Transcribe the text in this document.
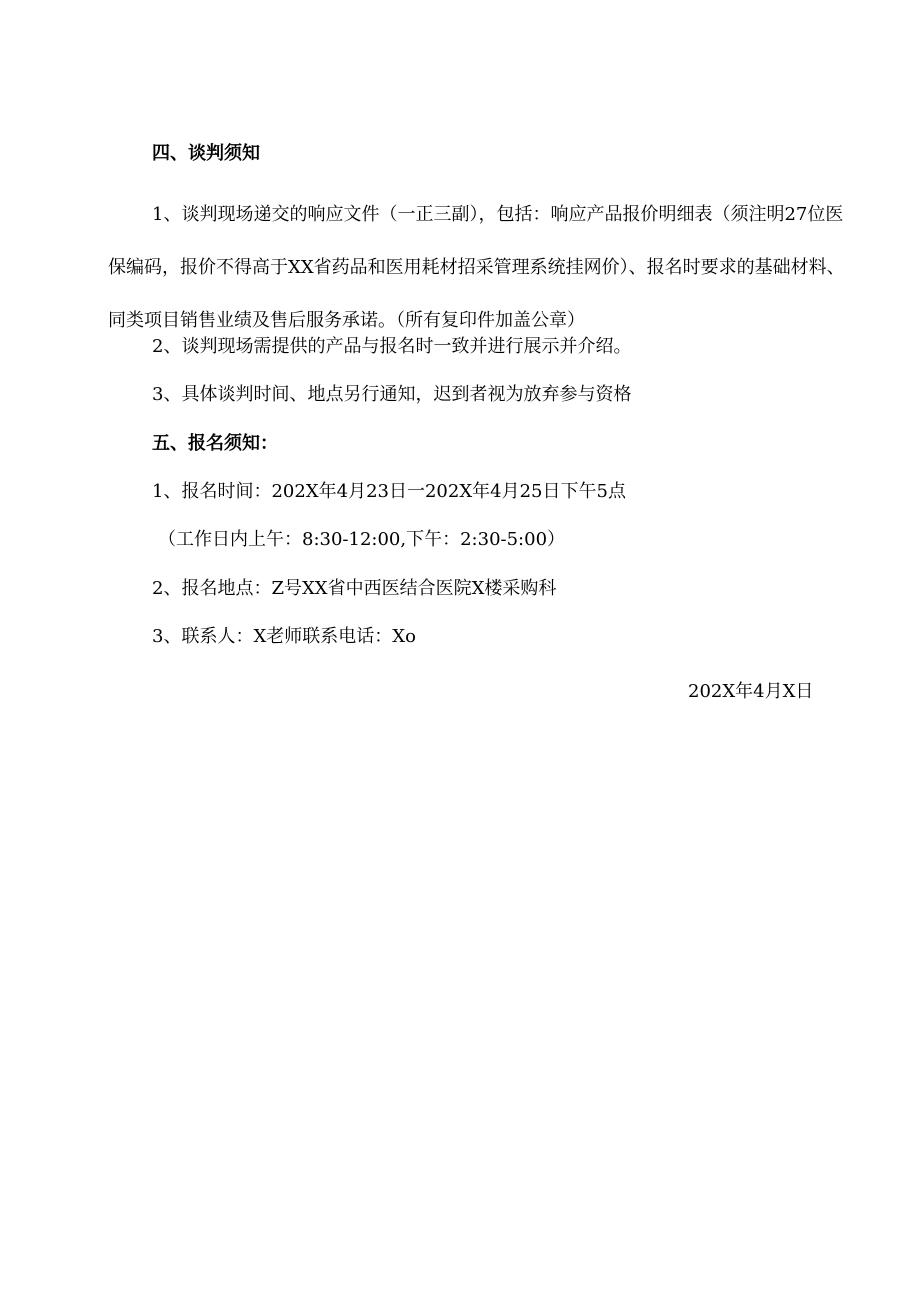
四、谈判须知

1、谈判现场递交的响应文件（一正三副），包括：响应产品报价明细表（须注明27位医保编码，报价不得高于XX省药品和医用耗材招采管理系统挂网价）、报名时要求的基础材料、同类项目销售业绩及售后服务承诺。（所有复印件加盖公章）

2、谈判现场需提供的产品与报名时一致并进行展示并介绍。

3、具体谈判时间、地点另行通知，迟到者视为放弃参与资格

五、报名须知：

1、报名时间：202X年4月23日一202X年4月25日下午5点

（工作日内上午：8:30-12:00,下午：2:30-5:00）

2、报名地点：Z号XX省中西医结合医院X楼采购科

3、联系人：X老师联系电话：Xo

202X年4月X日
